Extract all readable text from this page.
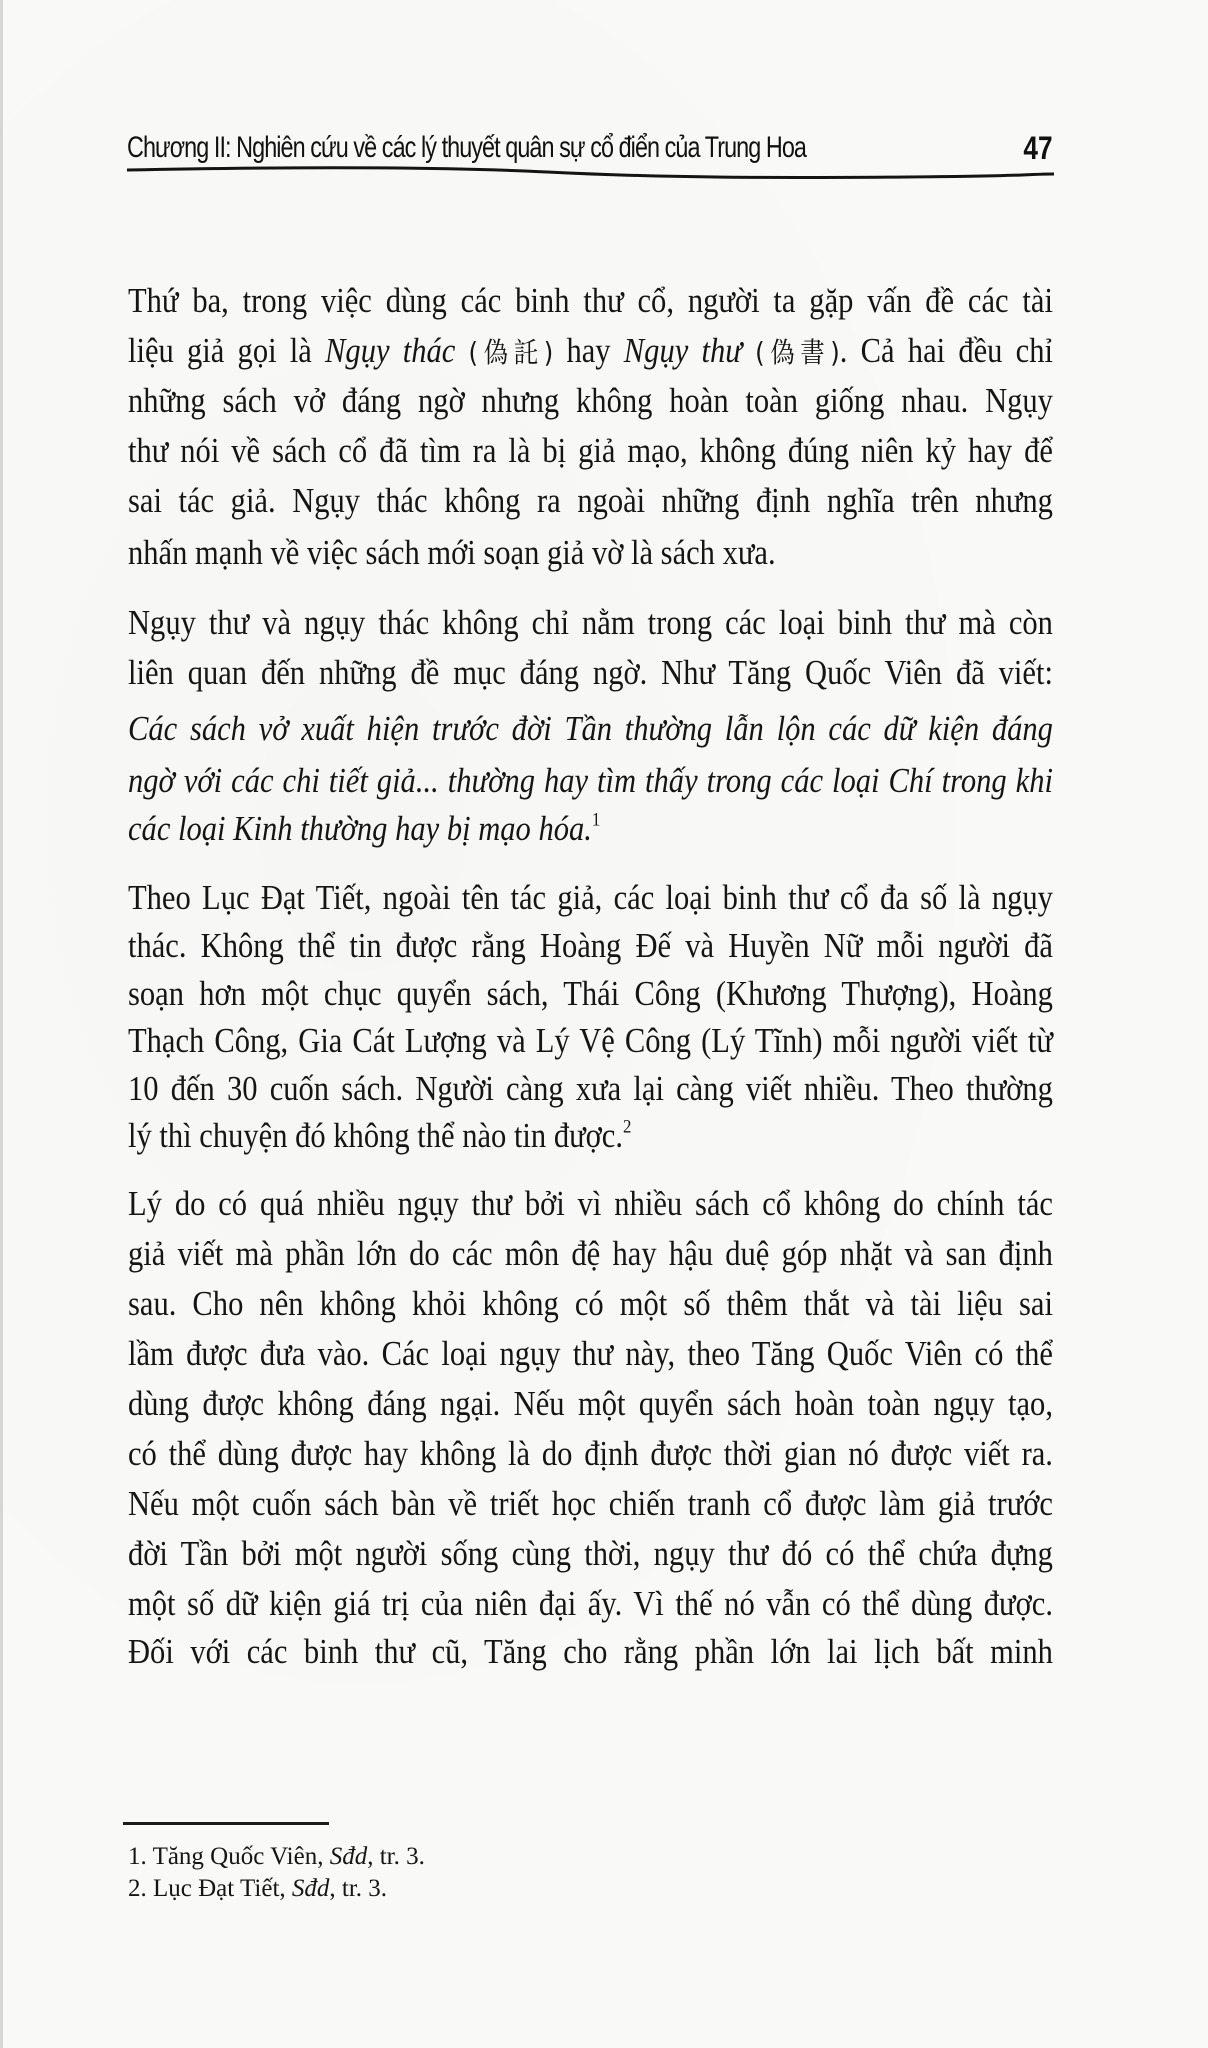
Chương II: Nghiên cứu về các lý thuyết quân sự cổ điển của Trung Hoa	47
Thứ ba, trong việc dùng các binh thư cổ, người ta gặp vấn đề các tài
liệu giả gọi là Ngụy thác (偽託) hay Ngụy thư (偽書). Cả hai đều chỉ
những sách vở đáng ngờ nhưng không hoàn toàn giống nhau. Ngụy
thư nói về sách cổ đã tìm ra là bị giả mạo, không đúng niên kỷ hay để
sai tác giả. Ngụy thác không ra ngoài những định nghĩa trên nhưng
nhấn mạnh về việc sách mới soạn giả vờ là sách xưa.
Ngụy thư và ngụy thác không chỉ nằm trong các loại binh thư mà còn
liên quan đến những đề mục đáng ngờ. Như Tăng Quốc Viên đã viết:
Các sách vở xuất hiện trước đời Tần thường lẫn lộn các dữ kiện đáng
ngờ với các chi tiết giả... thường hay tìm thấy trong các loại Chí trong khi
các loại Kinh thường hay bị mạo hóa.$^1$
Theo Lục Đạt Tiết, ngoài tên tác giả, các loại binh thư cổ đa số là ngụy
thác. Không thể tin được rằng Hoàng Đế và Huyền Nữ mỗi người đã
soạn hơn một chục quyển sách, Thái Công (Khương Thượng), Hoàng
Thạch Công, Gia Cát Lượng và Lý Vệ Công (Lý Tĩnh) mỗi người viết từ
10 đến 30 cuốn sách. Người càng xưa lại càng viết nhiều. Theo thường
lý thì chuyện đó không thể nào tin được.$^2$
Lý do có quá nhiều ngụy thư bởi vì nhiều sách cổ không do chính tác
giả viết mà phần lớn do các môn đệ hay hậu duệ góp nhặt và san định
sau. Cho nên không khỏi không có một số thêm thắt và tài liệu sai
lầm được đưa vào. Các loại ngụy thư này, theo Tăng Quốc Viên có thể
dùng được không đáng ngại. Nếu một quyển sách hoàn toàn ngụy tạo,
có thể dùng được hay không là do định được thời gian nó được viết ra.
Nếu một cuốn sách bàn về triết học chiến tranh cổ được làm giả trước
đời Tần bởi một người sống cùng thời, ngụy thư đó có thể chứa đựng
một số dữ kiện giá trị của niên đại ấy. Vì thế nó vẫn có thể dùng được.
Đối với các binh thư cũ, Tăng cho rằng phần lớn lai lịch bất minh
1. Tăng Quốc Viên, Sđd, tr. 3.
2. Lục Đạt Tiết, Sđd, tr. 3.
